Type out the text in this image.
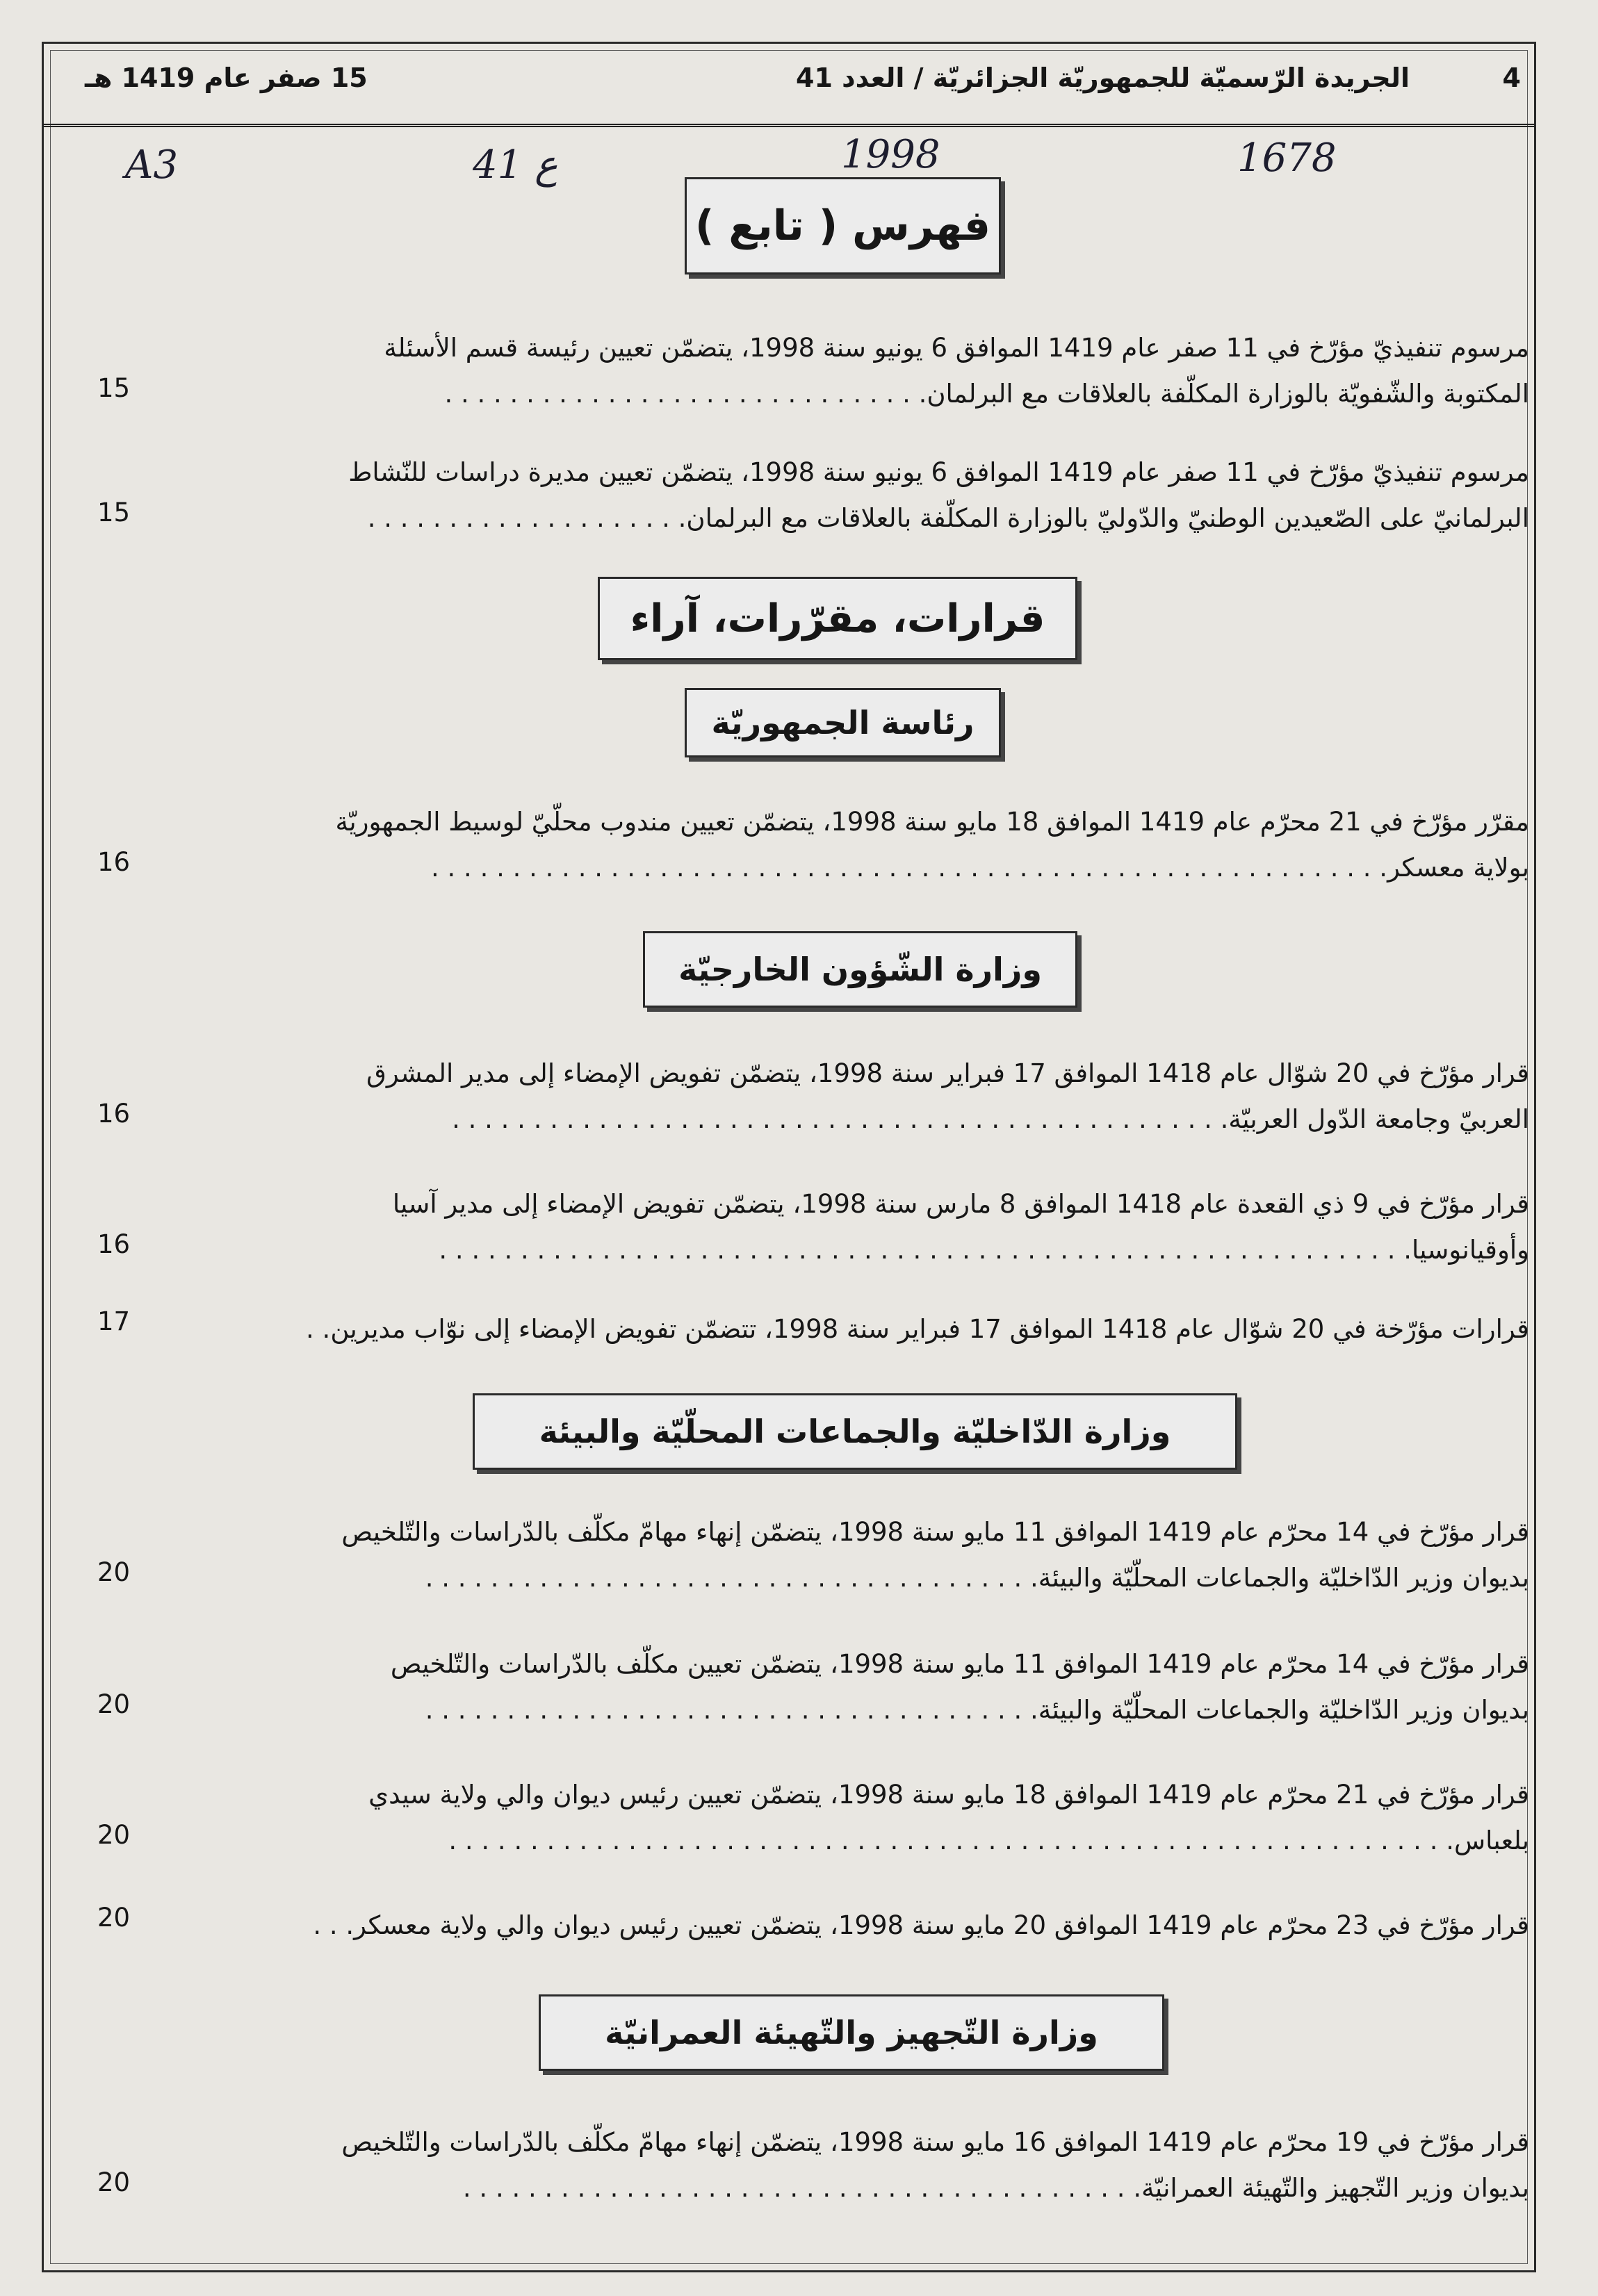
4
الجريدة الرّسميّة للجمهوريّة الجزائريّة / العدد 41
15 صفر عام 1419 هـ
A3	ع 41	1998	1678
فهرس ( تابع )
مرسوم تنفيذيّ مؤرّخ في 11 صفر عام 1419 الموافق 6 يونيو سنة 1998، يتضمّن تعيين رئيسة قسم الأسئلة
المكتوبة والشّفويّة بالوزارة المكلّفة بالعلاقات مع البرلمان. . . . . . . . . . . . . . . . . . . . . . . . . . . . . .
15
مرسوم تنفيذيّ مؤرّخ في 11 صفر عام 1419 الموافق 6 يونيو سنة 1998، يتضمّن تعيين مديرة دراسات للنّشاط
البرلمانيّ على الصّعيدين الوطنيّ والدّوليّ بالوزارة المكلّفة بالعلاقات مع البرلمان. . . . . . . . . . . . . . . . . . . .
15
قرارات، مقرّرات، آراء
رئاسة الجمهوريّة
مقرّر مؤرّخ في 21 محرّم عام 1419 الموافق 18 مايو سنة 1998، يتضمّن تعيين مندوب محلّيّ لوسيط الجمهوريّة
بولاية معسكر. . . . . . . . . . . . . . . . . . . . . . . . . . . . . . . . . . . . . . . . . . . . . . . . . . . . . . . . . . .
16
وزارة الشّؤون الخارجيّة
قرار مؤرّخ في 20 شوّال عام 1418 الموافق 17 فبراير سنة 1998، يتضمّن تفويض الإمضاء إلى مدير المشرق
العربيّ وجامعة الدّول العربيّة. . . . . . . . . . . . . . . . . . . . . . . . . . . . . . . . . . . . . . . . . . . . . . . .
16
قرار مؤرّخ في 9 ذي القعدة عام 1418 الموافق 8 مارس سنة 1998، يتضمّن تفويض الإمضاء إلى مدير آسيا
وأوقيانوسيا. . . . . . . . . . . . . . . . . . . . . . . . . . . . . . . . . . . . . . . . . . . . . . . . . . . . . . . . . . . .
16
قرارات مؤرّخة في 20 شوّال عام 1418 الموافق 17 فبراير سنة 1998، تتضمّن تفويض الإمضاء إلى نوّاب مديرين. .
17
وزارة الدّاخليّة والجماعات المحلّيّة والبيئة
قرار مؤرّخ في 14 محرّم عام 1419 الموافق 11 مايو سنة 1998، يتضمّن إنهاء مهامّ مكلّف بالدّراسات والتّلخيص
بديوان وزير الدّاخليّة والجماعات المحلّيّة والبيئة. . . . . . . . . . . . . . . . . . . . . . . . . . . . . . . . . . . . . .
20
قرار مؤرّخ في 14 محرّم عام 1419 الموافق 11 مايو سنة 1998، يتضمّن تعيين مكلّف بالدّراسات والتّلخيص
بديوان وزير الدّاخليّة والجماعات المحلّيّة والبيئة. . . . . . . . . . . . . . . . . . . . . . . . . . . . . . . . . . . . . .
20
قرار مؤرّخ في 21 محرّم عام 1419 الموافق 18 مايو سنة 1998، يتضمّن تعيين رئيس ديوان والي ولاية سيدي
بلعباس. . . . . . . . . . . . . . . . . . . . . . . . . . . . . . . . . . . . . . . . . . . . . . . . . . . . . . . . . . . . . .
20
قرار مؤرّخ في 23 محرّم عام 1419 الموافق 20 مايو سنة 1998، يتضمّن تعيين رئيس ديوان والي ولاية معسكر. . .
20
وزارة التّجهيز والتّهيئة العمرانيّة
قرار مؤرّخ في 19 محرّم عام 1419 الموافق 16 مايو سنة 1998، يتضمّن إنهاء مهامّ مكلّف بالدّراسات والتّلخيص
بديوان وزير التّجهيز والتّهيئة العمرانيّة. . . . . . . . . . . . . . . . . . . . . . . . . . . . . . . . . . . . . . . . . .
20
